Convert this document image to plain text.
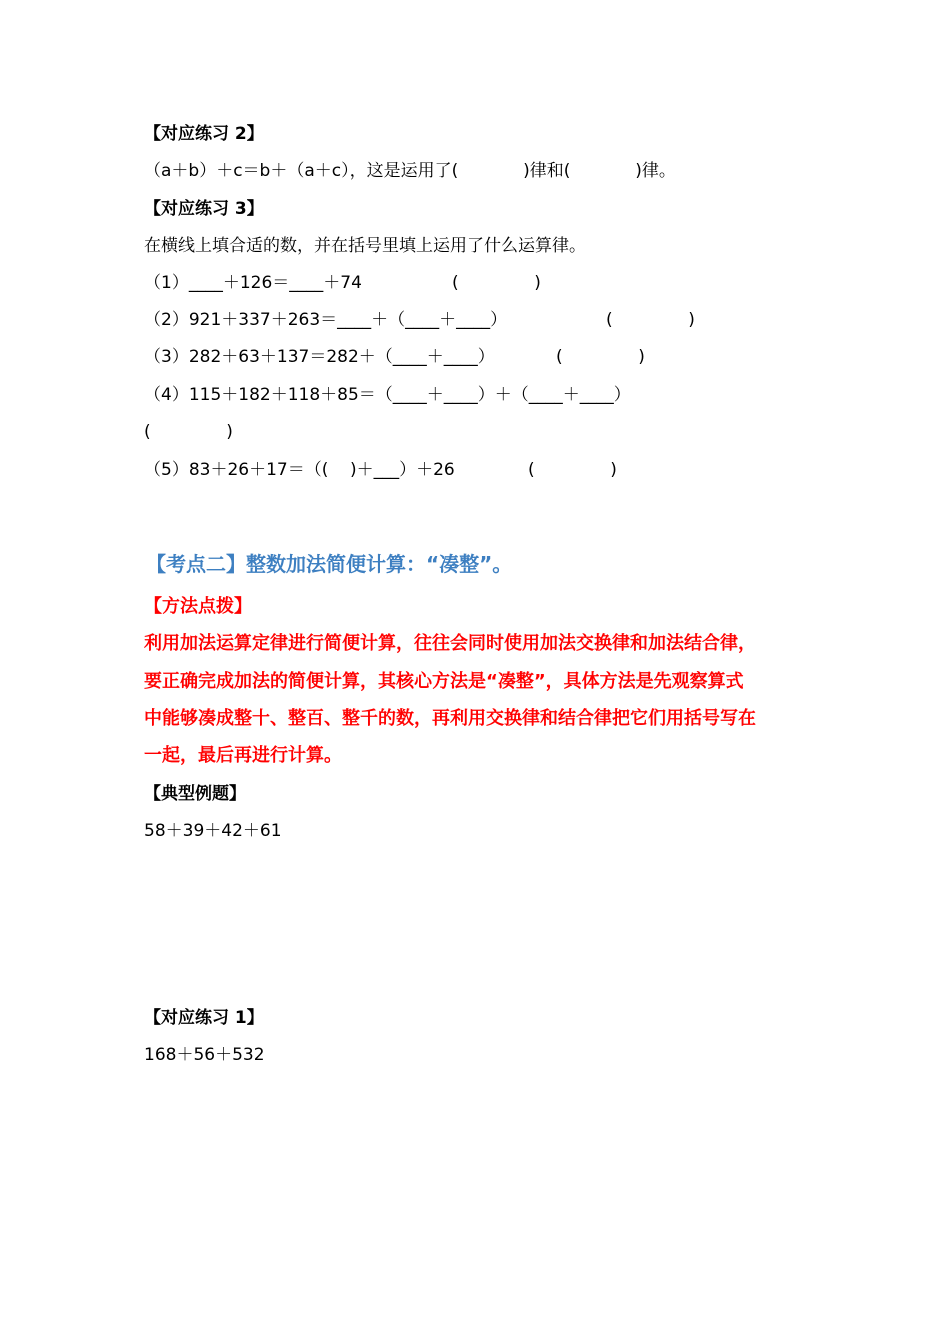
【对应练习 2】
（a＋b）＋c＝b＋（a＋c），这是运用了(            )律和(            )律。
【对应练习 3】
在横线上填合适的数，并在括号里填上运用了什么运算律。
（1）____＋126＝____＋74	(              )
（2）921＋337＋263＝____＋（____＋____）	(              )
（3）282＋63＋137＝282＋（____＋____）	(              )
（4）115＋182＋118＋85＝（____＋____）＋（____＋____）
(              )
（5）83＋26＋17＝（(    )＋___）＋26	(              )
【考点二】整数加法简便计算：“凑整”。
【方法点拨】
利用加法运算定律进行简便计算，往往会同时使用加法交换律和加法结合律，
要正确完成加法的简便计算，其核心方法是“凑整”，具体方法是先观察算式
中能够凑成整十、整百、整千的数，再利用交换律和结合律把它们用括号写在
一起，最后再进行计算。
【典型例题】
58＋39＋42＋61
【对应练习 1】
168＋56＋532
